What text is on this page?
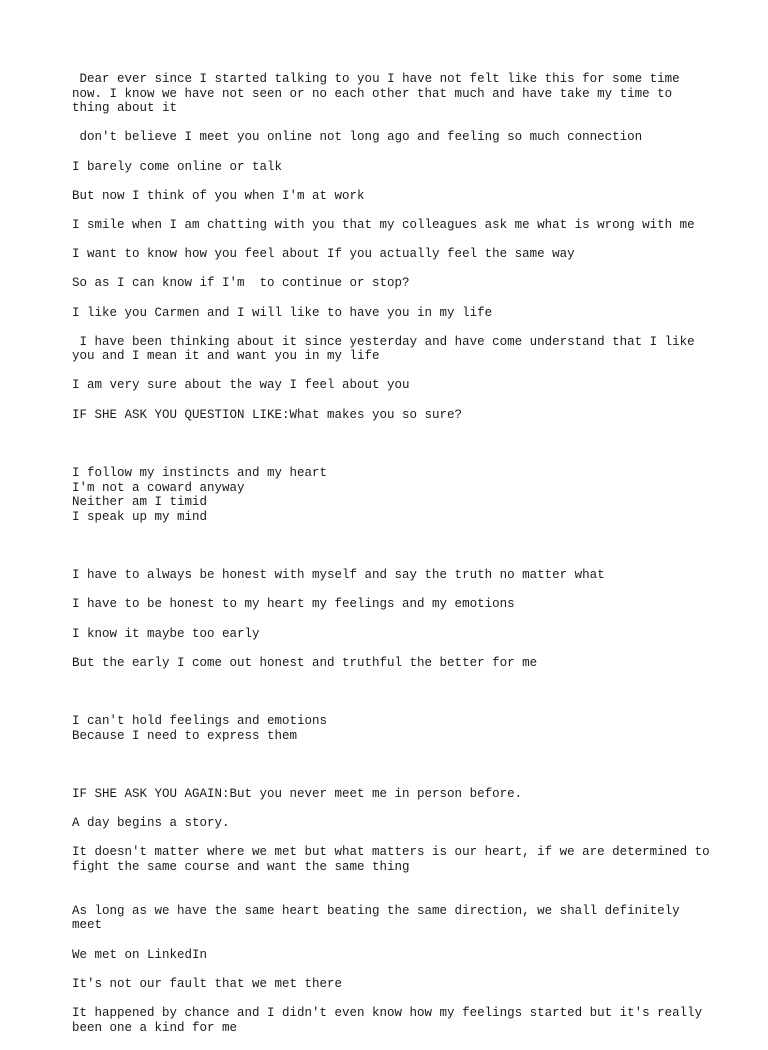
Dear ever since I started talking to you I have not felt like this for some time now. I know we have not seen or no each other that much and have take my time to thing about it

don't believe I meet you online not long ago and feeling so much connection

I barely come online or talk

But now I think of you when I'm at work

I smile when I am chatting with you that my colleagues ask me what is wrong with me

I want to know how you feel about If you actually feel the same way

So as I can know if I'm  to continue or stop?

I like you Carmen and I will like to have you in my life

I have been thinking about it since yesterday and have come understand that I like you and I mean it and want you in my life

I am very sure about the way I feel about you

IF SHE ASK YOU QUESTION LIKE:What makes you so sure?

I follow my instincts and my heart
I'm not a coward anyway
Neither am I timid
I speak up my mind

I have to always be honest with myself and say the truth no matter what

I have to be honest to my heart my feelings and my emotions

I know it maybe too early

But the early I come out honest and truthful the better for me

I can't hold feelings and emotions
Because I need to express them

IF SHE ASK YOU AGAIN:But you never meet me in person before.

A day begins a story.

It doesn't matter where we met but what matters is our heart, if we are determined to fight the same course and want the same thing

As long as we have the same heart beating the same direction, we shall definitely meet

We met on LinkedIn

It's not our fault that we met there

It happened by chance and I didn't even know how my feelings started but it's really been one a kind for me
